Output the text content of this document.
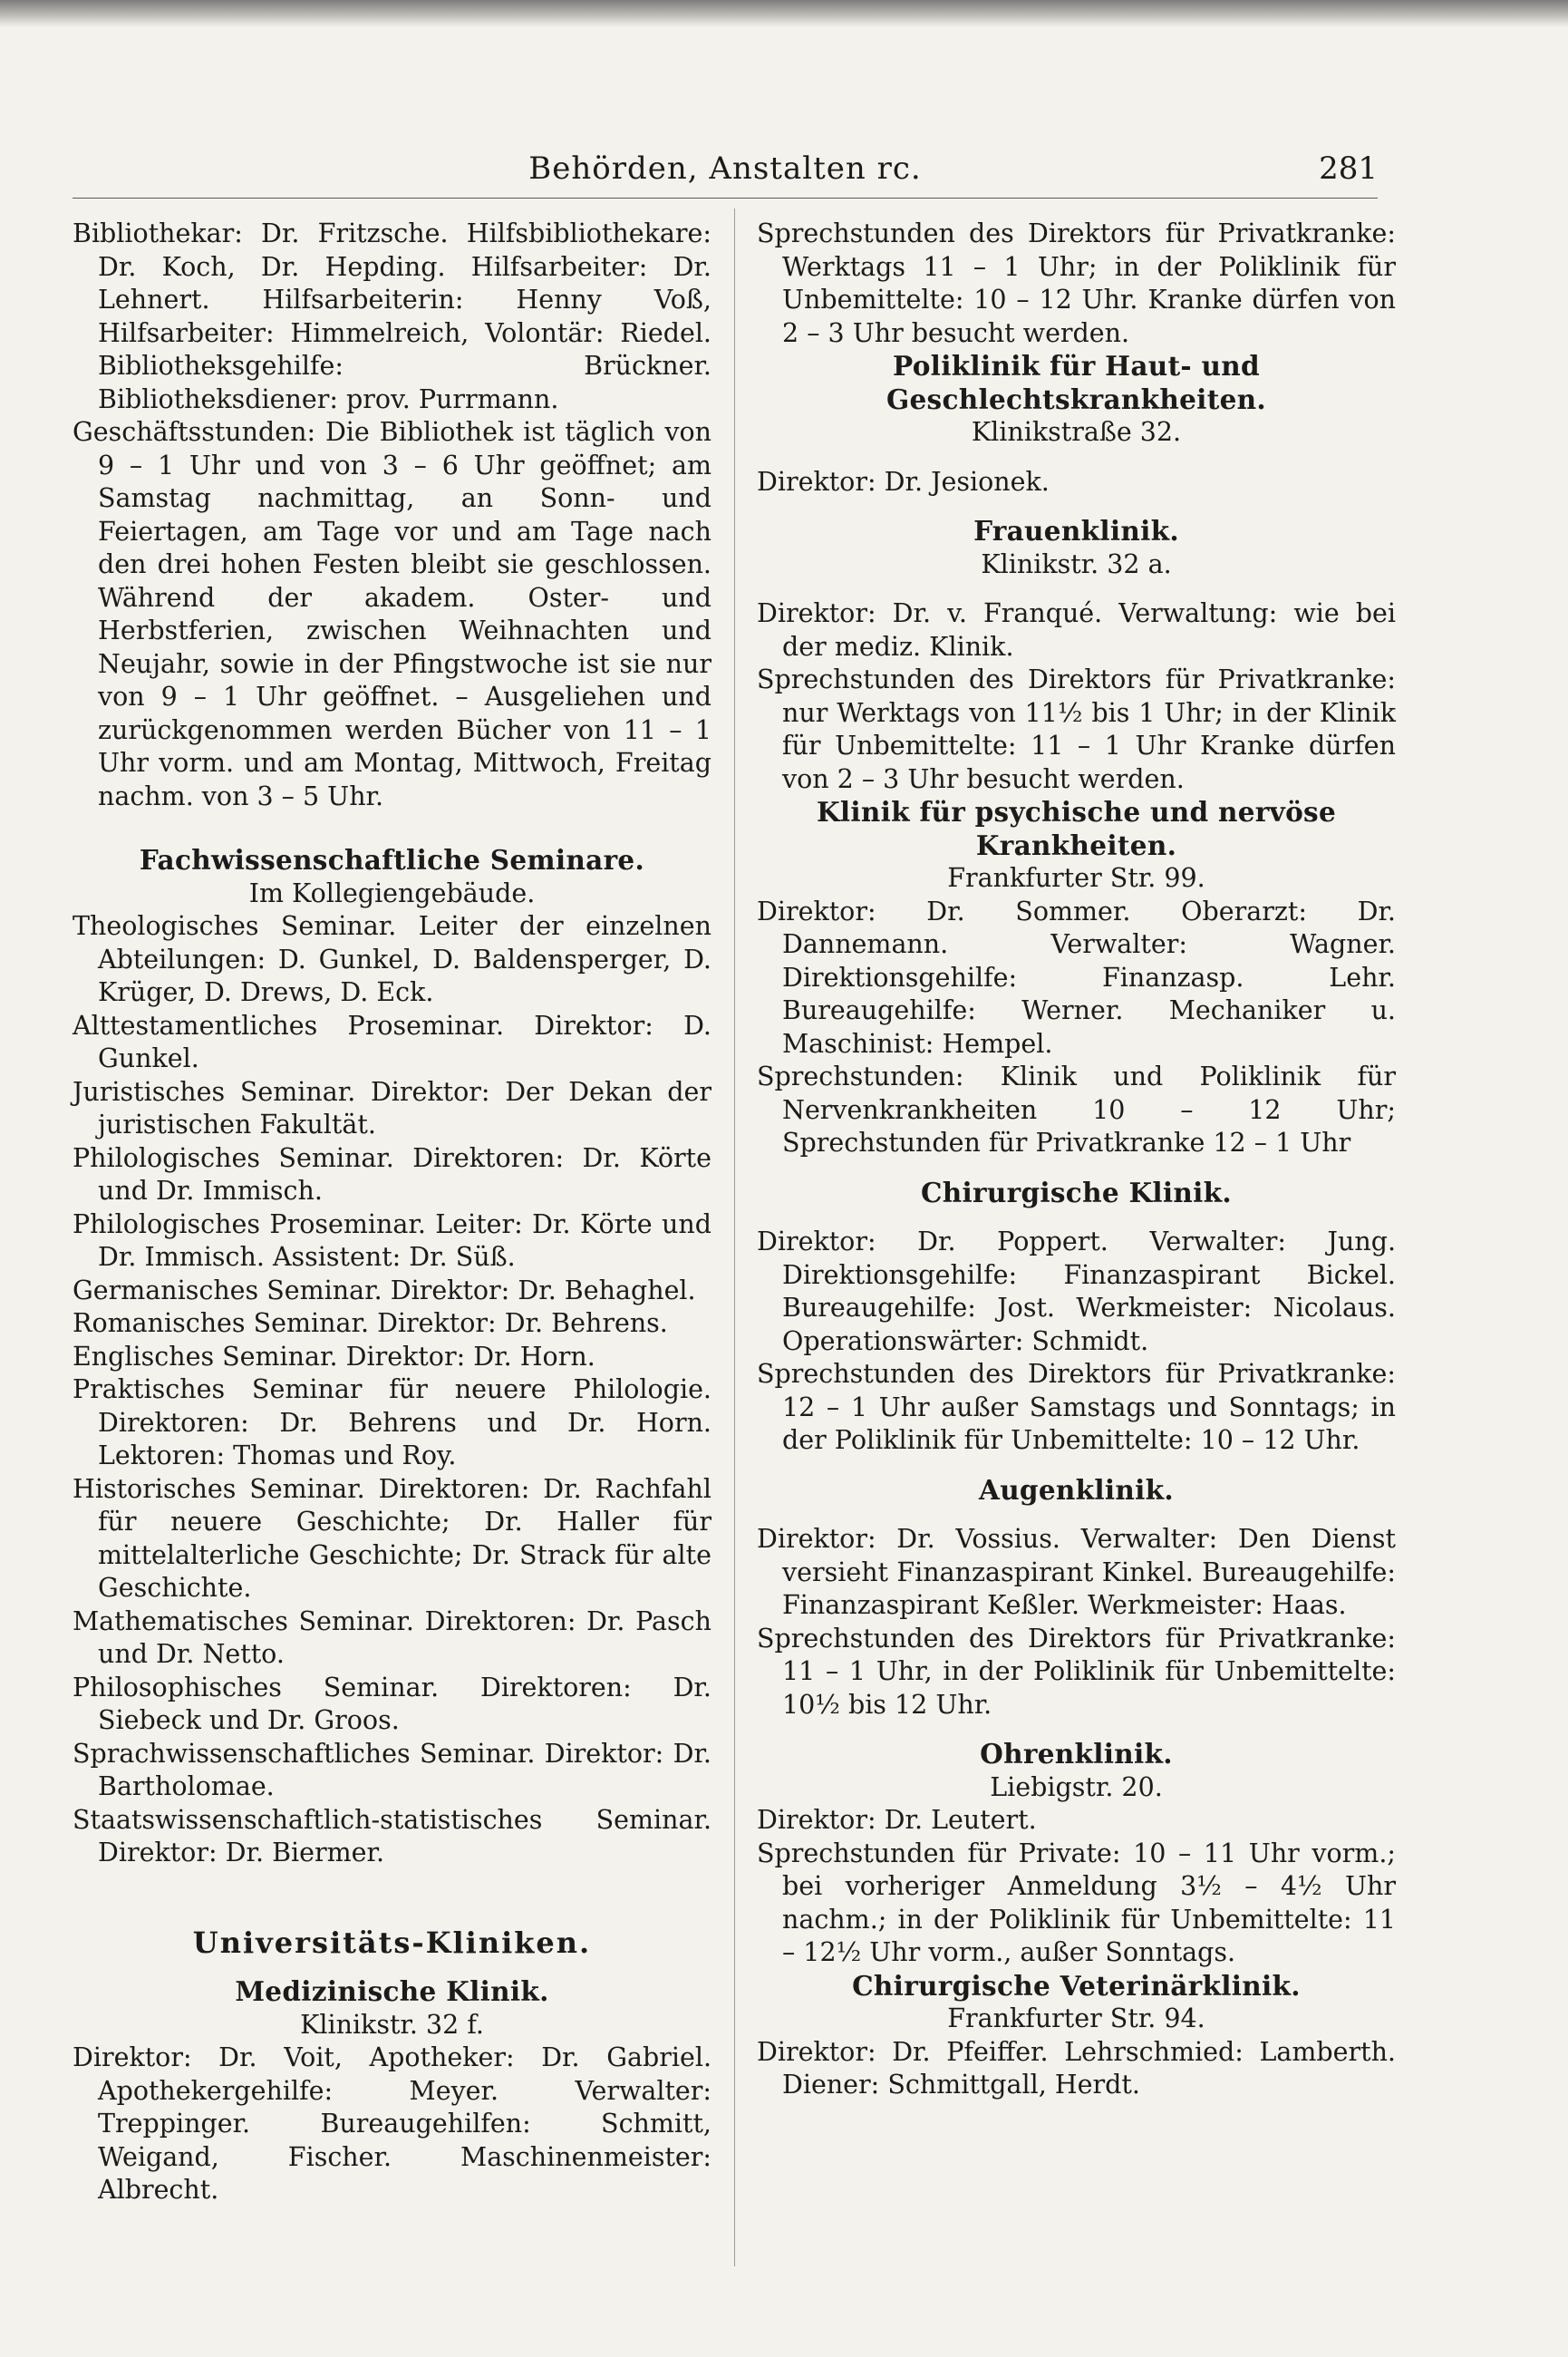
Behörden, Anstalten rc.	281

Bibliothekar: Dr. Fritzsche. Hilfsbibliothekare: Dr. Koch, Dr. Hepding. Hilfsarbeiter: Dr. Lehnert. Hilfsarbeiterin: Henny Voß, Hilfsarbeiter: Himmelreich, Volontär: Riedel. Bibliotheksgehilfe: Brückner. Bibliotheksdiener: prov. Purrmann.

Geschäftsstunden: Die Bibliothek ist täglich von 9 – 1 Uhr und von 3 – 6 Uhr geöffnet; am Samstag nachmittag, an Sonn- und Feiertagen, am Tage vor und am Tage nach den drei hohen Festen bleibt sie geschlossen. Während der akadem. Oster- und Herbstferien, zwischen Weihnachten und Neujahr, sowie in der Pfingstwoche ist sie nur von 9 – 1 Uhr geöffnet. – Ausgeliehen und zurückgenommen werden Bücher von 11 – 1 Uhr vorm. und am Montag, Mittwoch, Freitag nachm. von 3 – 5 Uhr.

Fachwissenschaftliche Seminare.

Im Kollegiengebäude.

Theologisches Seminar. Leiter der einzelnen Abteilungen: D. Gunkel, D. Baldensperger, D. Krüger, D. Drews, D. Eck.

Alttestamentliches Proseminar. Direktor: D. Gunkel.

Juristisches Seminar. Direktor: Der Dekan der juristischen Fakultät.

Philologisches Seminar. Direktoren: Dr. Körte und Dr. Immisch.

Philologisches Proseminar. Leiter: Dr. Körte und Dr. Immisch. Assistent: Dr. Süß.

Germanisches Seminar. Direktor: Dr. Behaghel.

Romanisches Seminar. Direktor: Dr. Behrens.

Englisches Seminar. Direktor: Dr. Horn.

Praktisches Seminar für neuere Philologie. Direktoren: Dr. Behrens und Dr. Horn. Lektoren: Thomas und Roy.

Historisches Seminar. Direktoren: Dr. Rachfahl für neuere Geschichte; Dr. Haller für mittelalterliche Geschichte; Dr. Strack für alte Geschichte.

Mathematisches Seminar. Direktoren: Dr. Pasch und Dr. Netto.

Philosophisches Seminar. Direktoren: Dr. Siebeck und Dr. Groos.

Sprachwissenschaftliches Seminar. Direktor: Dr. Bartholomae.

Staatswissenschaftlich-statistisches Seminar. Direktor: Dr. Biermer.

Universitäts-Kliniken.

Medizinische Klinik.

Klinikstr. 32 f.

Direktor: Dr. Voit, Apotheker: Dr. Gabriel. Apothekergehilfe: Meyer. Verwalter: Treppinger. Bureaugehilfen: Schmitt, Weigand, Fischer. Maschinenmeister: Albrecht.

Sprechstunden des Direktors für Privatkranke: Werktags 11 – 1 Uhr; in der Poliklinik für Unbemittelte: 10 – 12 Uhr. Kranke dürfen von 2 – 3 Uhr besucht werden.

Poliklinik für Haut- und Geschlechtskrankheiten.

Klinikstraße 32.

Direktor: Dr. Jesionek.

Frauenklinik.

Klinikstr. 32 a.

Direktor: Dr. v. Franqué. Verwaltung: wie bei der mediz. Klinik.

Sprechstunden des Direktors für Privatkranke: nur Werktags von 11½ bis 1 Uhr; in der Klinik für Unbemittelte: 11 – 1 Uhr Kranke dürfen von 2 – 3 Uhr besucht werden.

Klinik für psychische und nervöse Krankheiten.

Frankfurter Str. 99.

Direktor: Dr. Sommer. Oberarzt: Dr. Dannemann. Verwalter: Wagner. Direktionsgehilfe: Finanzasp. Lehr. Bureaugehilfe: Werner. Mechaniker u. Maschinist: Hempel.

Sprechstunden: Klinik und Poliklinik für Nervenkrankheiten 10 – 12 Uhr; Sprechstunden für Privatkranke 12 – 1 Uhr

Chirurgische Klinik.

Direktor: Dr. Poppert. Verwalter: Jung. Direktionsgehilfe: Finanzaspirant Bickel. Bureaugehilfe: Jost. Werkmeister: Nicolaus. Operationswärter: Schmidt.

Sprechstunden des Direktors für Privatkranke: 12 – 1 Uhr außer Samstags und Sonntags; in der Poliklinik für Unbemittelte: 10 – 12 Uhr.

Augenklinik.

Direktor: Dr. Vossius. Verwalter: Den Dienst versieht Finanzaspirant Kinkel. Bureaugehilfe: Finanzaspirant Keßler. Werkmeister: Haas.

Sprechstunden des Direktors für Privatkranke: 11 – 1 Uhr, in der Poliklinik für Unbemittelte: 10½ bis 12 Uhr.

Ohrenklinik.

Liebigstr. 20.

Direktor: Dr. Leutert.

Sprechstunden für Private: 10 – 11 Uhr vorm.; bei vorheriger Anmeldung 3½ – 4½ Uhr nachm.; in der Poliklinik für Unbemittelte: 11 – 12½ Uhr vorm., außer Sonntags.

Chirurgische Veterinärklinik.

Frankfurter Str. 94.

Direktor: Dr. Pfeiffer. Lehrschmied: Lamberth. Diener: Schmittgall, Herdt.
